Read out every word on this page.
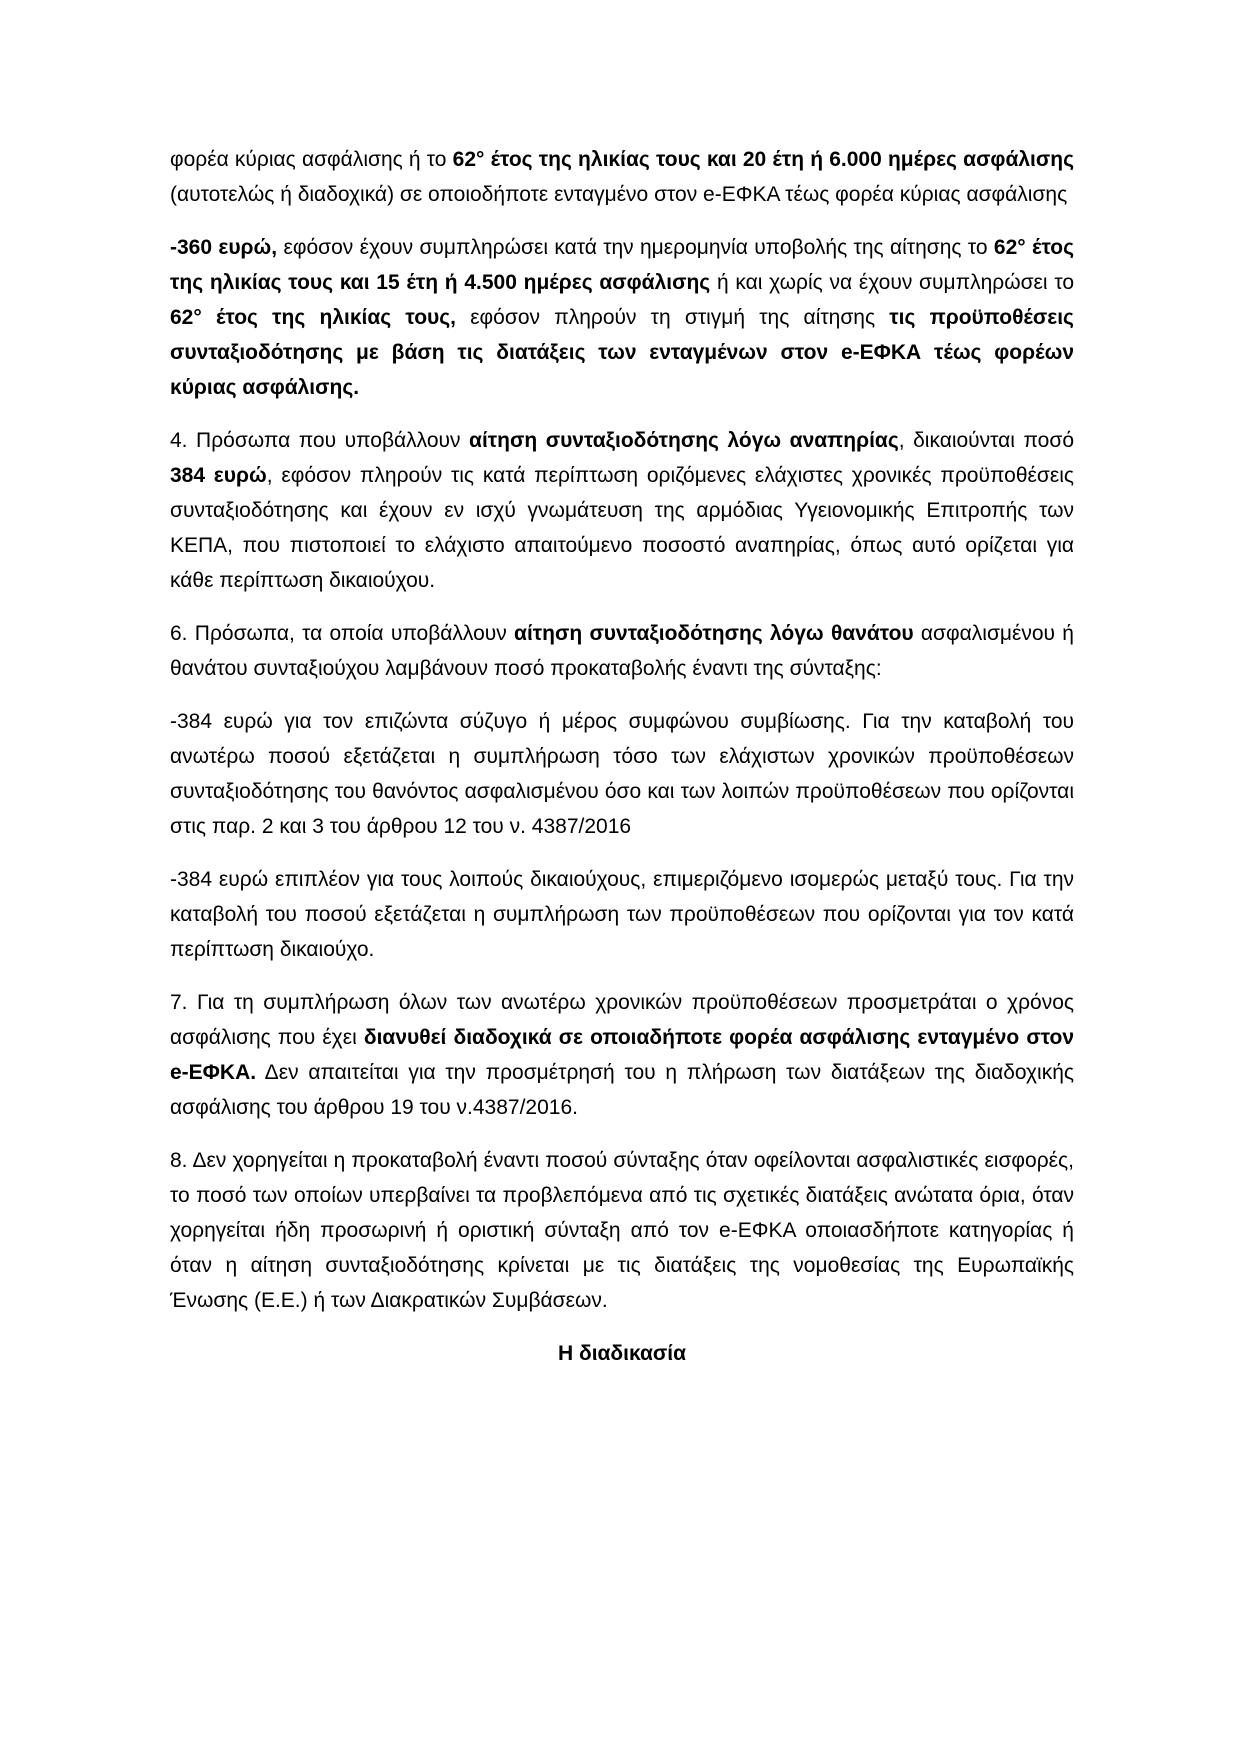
φορέα κύριας ασφάλισης ή το 62° έτος της ηλικίας τους και 20 έτη ή 6.000 ημέρες ασφάλισης (αυτοτελώς ή διαδοχικά) σε οποιοδήποτε ενταγμένο στον e-ΕΦΚΑ τέως φορέα κύριας ασφάλισης

-360 ευρώ, εφόσον έχουν συμπληρώσει κατά την ημερομηνία υποβολής της αίτησης το 62° έτος της ηλικίας τους και 15 έτη ή 4.500 ημέρες ασφάλισης ή και χωρίς να έχουν συμπληρώσει το 62° έτος της ηλικίας τους, εφόσον πληρούν τη στιγμή της αίτησης τις προϋποθέσεις συνταξιοδότησης με βάση τις διατάξεις των ενταγμένων στον e-ΕΦΚΑ τέως φορέων κύριας ασφάλισης.

4. Πρόσωπα που υποβάλλουν αίτηση συνταξιοδότησης λόγω αναπηρίας, δικαιούνται ποσό 384 ευρώ, εφόσον πληρούν τις κατά περίπτωση οριζόμενες ελάχιστες χρονικές προϋποθέσεις συνταξιοδότησης και έχουν εν ισχύ γνωμάτευση της αρμόδιας Υγειονομικής Επιτροπής των ΚΕΠΑ, που πιστοποιεί το ελάχιστο απαιτούμενο ποσοστό αναπηρίας, όπως αυτό ορίζεται για κάθε περίπτωση δικαιούχου.

6. Πρόσωπα, τα οποία υποβάλλουν αίτηση συνταξιοδότησης λόγω θανάτου ασφαλισμένου ή θανάτου συνταξιούχου λαμβάνουν ποσό προκαταβολής έναντι της σύνταξης:

-384 ευρώ για τον επιζώντα σύζυγο ή μέρος συμφώνου συμβίωσης. Για την καταβολή του ανωτέρω ποσού εξετάζεται η συμπλήρωση τόσο των ελάχιστων χρονικών προϋποθέσεων συνταξιοδότησης του θανόντος ασφαλισμένου όσο και των λοιπών προϋποθέσεων που ορίζονται στις παρ. 2 και 3 του άρθρου 12 του ν. 4387/2016

-384 ευρώ επιπλέον για τους λοιπούς δικαιούχους, επιμεριζόμενο ισομερώς μεταξύ τους. Για την καταβολή του ποσού εξετάζεται η συμπλήρωση των προϋποθέσεων που ορίζονται για τον κατά περίπτωση δικαιούχο.

7. Για τη συμπλήρωση όλων των ανωτέρω χρονικών προϋποθέσεων προσμετράται ο χρόνος ασφάλισης που έχει διανυθεί διαδοχικά σε οποιαδήποτε φορέα ασφάλισης ενταγμένο στον e-ΕΦΚΑ. Δεν απαιτείται για την προσμέτρησή του η πλήρωση των διατάξεων της διαδοχικής ασφάλισης του άρθρου 19 του ν.4387/2016.

8. Δεν χορηγείται η προκαταβολή έναντι ποσού σύνταξης όταν οφείλονται ασφαλιστικές εισφορές, το ποσό των οποίων υπερβαίνει τα προβλεπόμενα από τις σχετικές διατάξεις ανώτατα όρια, όταν χορηγείται ήδη προσωρινή ή οριστική σύνταξη από τον e-ΕΦΚΑ οποιασδήποτε κατηγορίας ή όταν η αίτηση συνταξιοδότησης κρίνεται με τις διατάξεις της νομοθεσίας της Ευρωπαϊκής Ένωσης (Ε.Ε.) ή των Διακρατικών Συμβάσεων.

Η διαδικασία
